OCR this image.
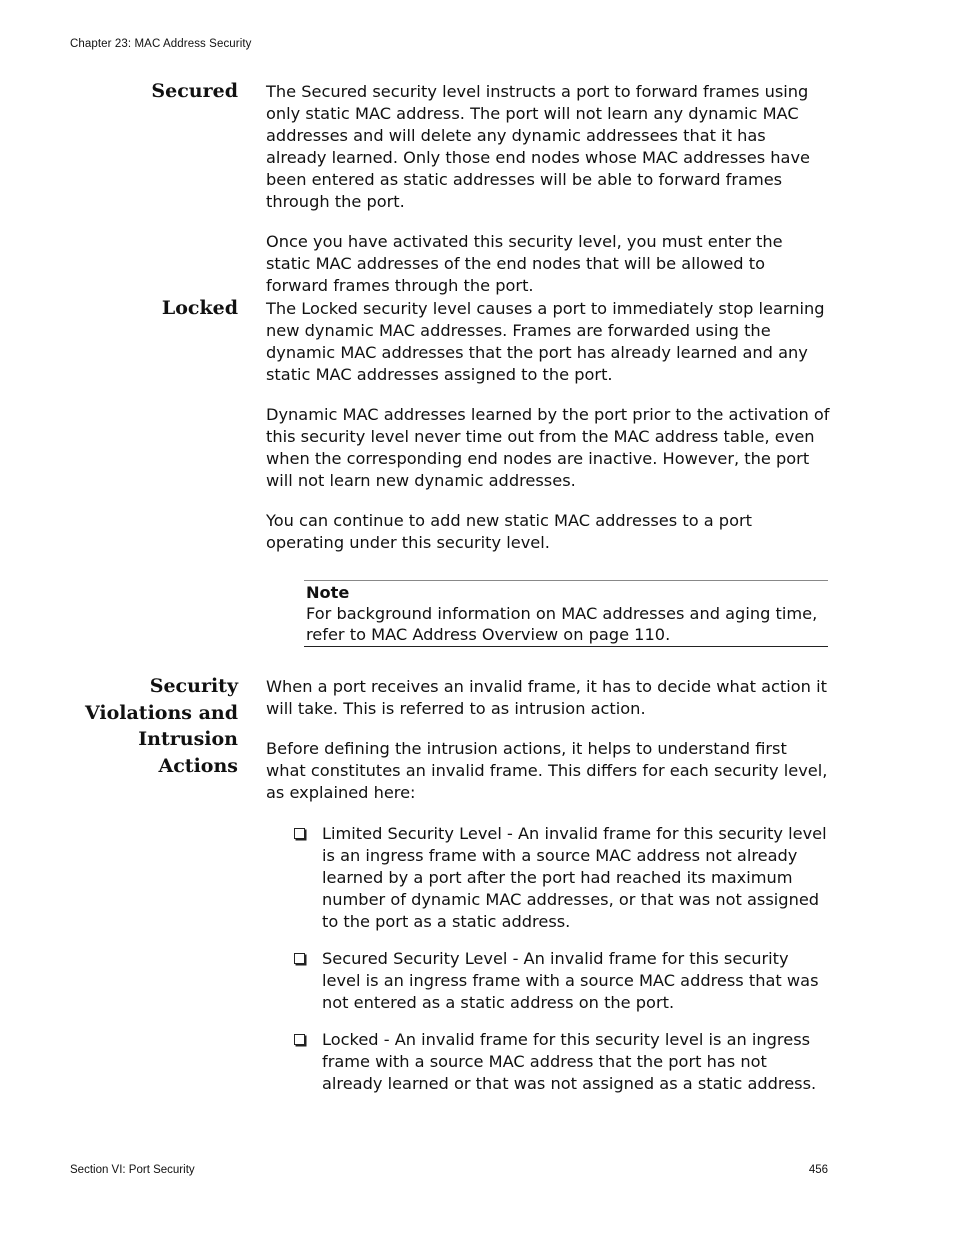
Chapter 23: MAC Address Security
Secured The Secured security level instructs a port to forward frames using only static MAC address. The port will not learn any dynamic MAC addresses and will delete any dynamic addressees that it has already learned. Only those end nodes whose MAC addresses have been entered as static addresses will be able to forward frames through the port.

Once you have activated this security level, you must enter the static MAC addresses of the end nodes that will be allowed to forward frames through the port.

Locked The Locked security level causes a port to immediately stop learning new dynamic MAC addresses. Frames are forwarded using the dynamic MAC addresses that the port has already learned and any static MAC addresses assigned to the port.

Dynamic MAC addresses learned by the port prior to the activation of this security level never time out from the MAC address table, even when the corresponding end nodes are inactive. However, the port will not learn new dynamic addresses.

You can continue to add new static MAC addresses to a port operating under this security level.

Note
For background information on MAC addresses and aging time, refer to MAC Address Overview on page 110.
Security
Violations and
Intrusion
Actions

When a port receives an invalid frame, it has to decide what action it will take. This is referred to as intrusion action.

Before defining the intrusion actions, it helps to understand first what constitutes an invalid frame. This differs for each security level, as explained here:

Limited Security Level - An invalid frame for this security level is an ingress frame with a source MAC address not already learned by a port after the port had reached its maximum number of dynamic MAC addresses, or that was not assigned to the port as a static address.
Secured Security Level - An invalid frame for this security level is an ingress frame with a source MAC address that was not entered as a static address on the port.
Locked - An invalid frame for this security level is an ingress frame with a source MAC address that the port has not already learned or that was not assigned as a static address.
Section VI: Port Security	456
